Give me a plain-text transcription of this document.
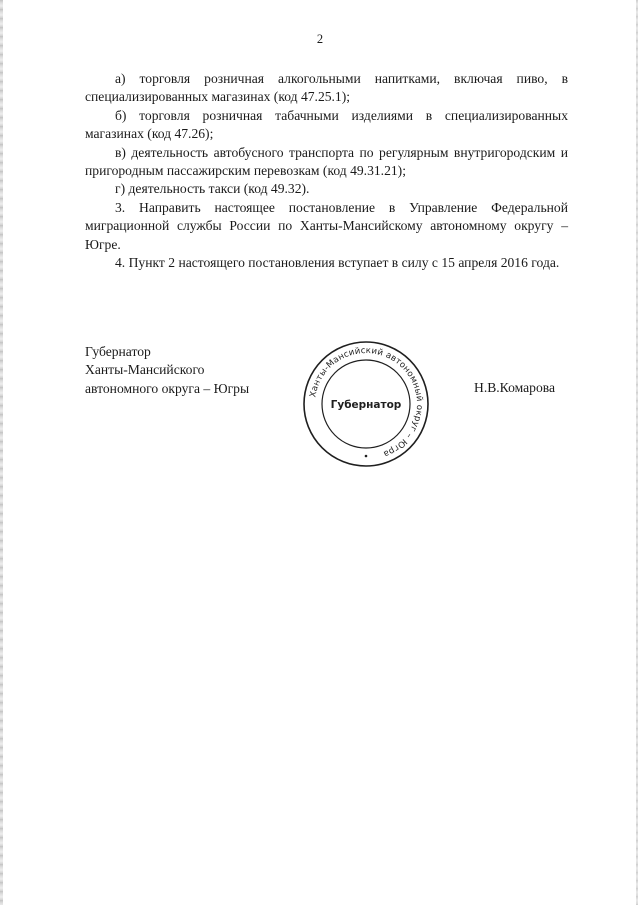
2

а) торговля розничная алкогольными напитками, включая пиво, в специализированных магазинах (код 47.25.1);

б) торговля розничная табачными изделиями в специализированных магазинах (код 47.26);

в) деятельность автобусного транспорта по регулярным внутригородским и пригородным пассажирским перевозкам (код 49.31.21);

г) деятельность такси (код 49.32).

3. Направить настоящее постановление в Управление Федеральной миграционной службы России по Ханты-Мансийскому автономному округу – Югре.

4. Пункт 2 настоящего постановления вступает в силу с 15 апреля 2016 года.

Губернатор
Ханты-Мансийского
автономного округа – Югры	Ханты-Мансийский автономный округ – Югра
Губернатор
Н.В.Комарова
